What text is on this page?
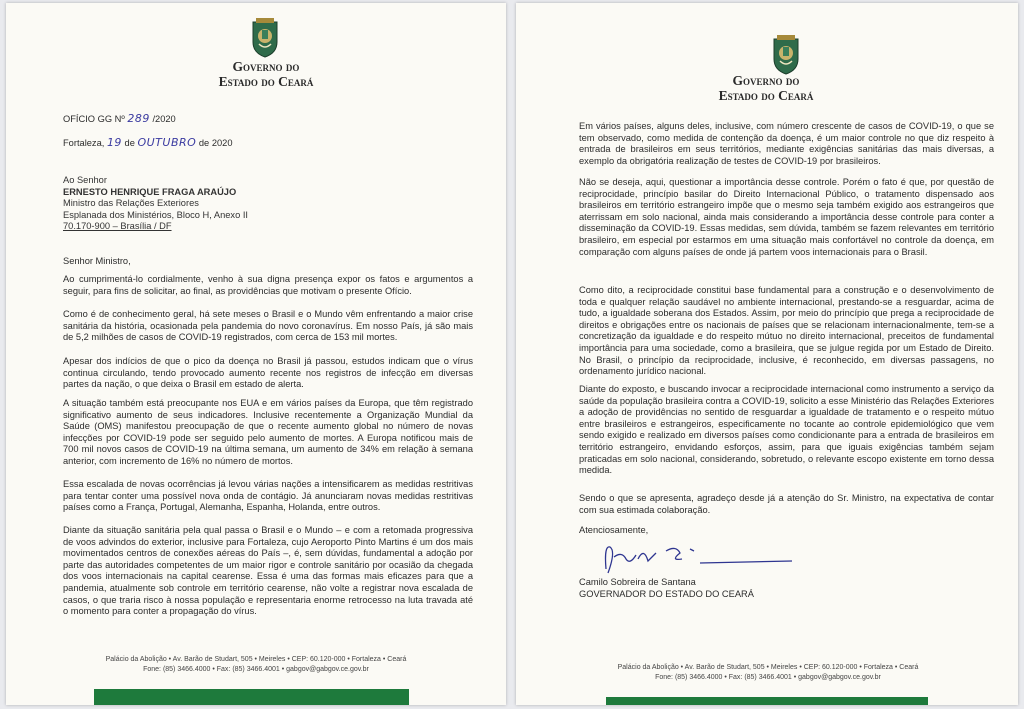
Governo do
Estado do Ceará
OFÍCIO GG Nº 289 /2020
Fortaleza, 19 de OUTUBRO de 2020
Ao Senhor
ERNESTO HENRIQUE FRAGA ARAÚJO
Ministro das Relações Exteriores
Esplanada dos Ministérios, Bloco H, Anexo II
70.170-900 – Brasília / DF
Senhor Ministro,
Ao cumprimentá-lo cordialmente, venho à sua digna presença expor os fatos e argumentos a seguir, para fins de solicitar, ao final, as providências que motivam o presente Ofício.
Como é de conhecimento geral, há sete meses o Brasil e o Mundo vêm enfrentando a maior crise sanitária da história, ocasionada pela pandemia do novo coronavírus. Em nosso País, já são mais de 5,2 milhões de casos de COVID-19 registrados, com cerca de 153 mil mortes.
Apesar dos indícios de que o pico da doença no Brasil já passou, estudos indicam que o vírus continua circulando, tendo provocado aumento recente nos registros de infecção em diversas partes da nação, o que deixa o Brasil em estado de alerta.
A situação também está preocupante nos EUA e em vários países da Europa, que têm registrado significativo aumento de seus indicadores. Inclusive recentemente a Organização Mundial da Saúde (OMS) manifestou preocupação de que o recente aumento global no número de novas infecções por COVID-19 pode ser seguido pelo aumento de mortes. A Europa notificou mais de 700 mil novos casos de COVID-19 na última semana, um aumento de 34% em relação à semana anterior, com incremento de 16% no número de mortos.
Essa escalada de novas ocorrências já levou várias nações a intensificarem as medidas restritivas para tentar conter uma possível nova onda de contágio. Já anunciaram novas medidas restritivas países como a França, Portugal, Alemanha, Espanha, Holanda, entre outros.
Diante da situação sanitária pela qual passa o Brasil e o Mundo – e com a retomada progressiva de voos advindos do exterior, inclusive para Fortaleza, cujo Aeroporto Pinto Martins é um dos mais movimentados centros de conexões aéreas do País –, é, sem dúvidas, fundamental a adoção por parte das autoridades competentes de um maior rigor e controle sanitário por ocasião da chegada dos voos internacionais na capital cearense. Essa é uma das formas mais eficazes para que a pandemia, atualmente sob controle em território cearense, não volte a registrar nova escalada de casos, o que traria risco à nossa população e representaria enorme retrocesso na luta travada até o momento para conter a propagação do vírus.
Palácio da Abolição • Av. Barão de Studart, 505 • Meireles • CEP: 60.120-000 • Fortaleza • Ceará
Fone: (85) 3466.4000 • Fax: (85) 3466.4001 • gabgov@gabgov.ce.gov.br
Governo do
Estado do Ceará
Em vários países, alguns deles, inclusive, com número crescente de casos de COVID-19, o que se tem observado, como medida de contenção da doença, é um maior controle no que diz respeito à entrada de brasileiros em seus territórios, mediante exigências sanitárias das mais diversas, a exemplo da obrigatória realização de testes de COVID-19 por brasileiros.
Não se deseja, aqui, questionar a importância desse controle. Porém o fato é que, por questão de reciprocidade, princípio basilar do Direito Internacional Público, o tratamento dispensado aos brasileiros em território estrangeiro impõe que o mesmo seja também exigido aos estrangeiros que aterrissam em solo nacional, ainda mais considerando a importância desse controle para conter a disseminação da COVID-19. Essas medidas, sem dúvida, também se fazem relevantes em território brasileiro, em especial por estarmos em uma situação mais confortável no controle da doença, em comparação com alguns países de onde já partem voos internacionais para o Brasil.
Como dito, a reciprocidade constitui base fundamental para a construção e o desenvolvimento de toda e qualquer relação saudável no ambiente internacional, prestando-se a resguardar, acima de tudo, a igualdade soberana dos Estados. Assim, por meio do princípio que prega a reciprocidade de direitos e obrigações entre os nacionais de países que se relacionam internacionalmente, tem-se a concretização da igualdade e do respeito mútuo no direito internacional, preceitos de fundamental importância para uma sociedade, como a brasileira, que se julgue regida por um Estado de Direito. No Brasil, o princípio da reciprocidade, inclusive, é reconhecido, em diversas passagens, no ordenamento jurídico nacional.
Diante do exposto, e buscando invocar a reciprocidade internacional como instrumento a serviço da saúde da população brasileira contra a COVID-19, solicito a esse Ministério das Relações Exteriores a adoção de providências no sentido de resguardar a igualdade de tratamento e o respeito mútuo entre brasileiros e estrangeiros, especificamente no tocante ao controle epidemiológico que vem sendo exigido e realizado em diversos países como condicionante para a entrada de brasileiros em território estrangeiro, envidando esforços, assim, para que iguais exigências também sejam praticadas em solo nacional, considerando, sobretudo, o relevante escopo existente em torno dessa medida.
Sendo o que se apresenta, agradeço desde já a atenção do Sr. Ministro, na expectativa de contar com sua estimada colaboração.
Atenciosamente,
Camilo Sobreira de Santana
GOVERNADOR DO ESTADO DO CEARÁ
Palácio da Abolição • Av. Barão de Studart, 505 • Meireles • CEP: 60.120-000 • Fortaleza • Ceará
Fone: (85) 3466.4000 • Fax: (85) 3466.4001 • gabgov@gabgov.ce.gov.br
